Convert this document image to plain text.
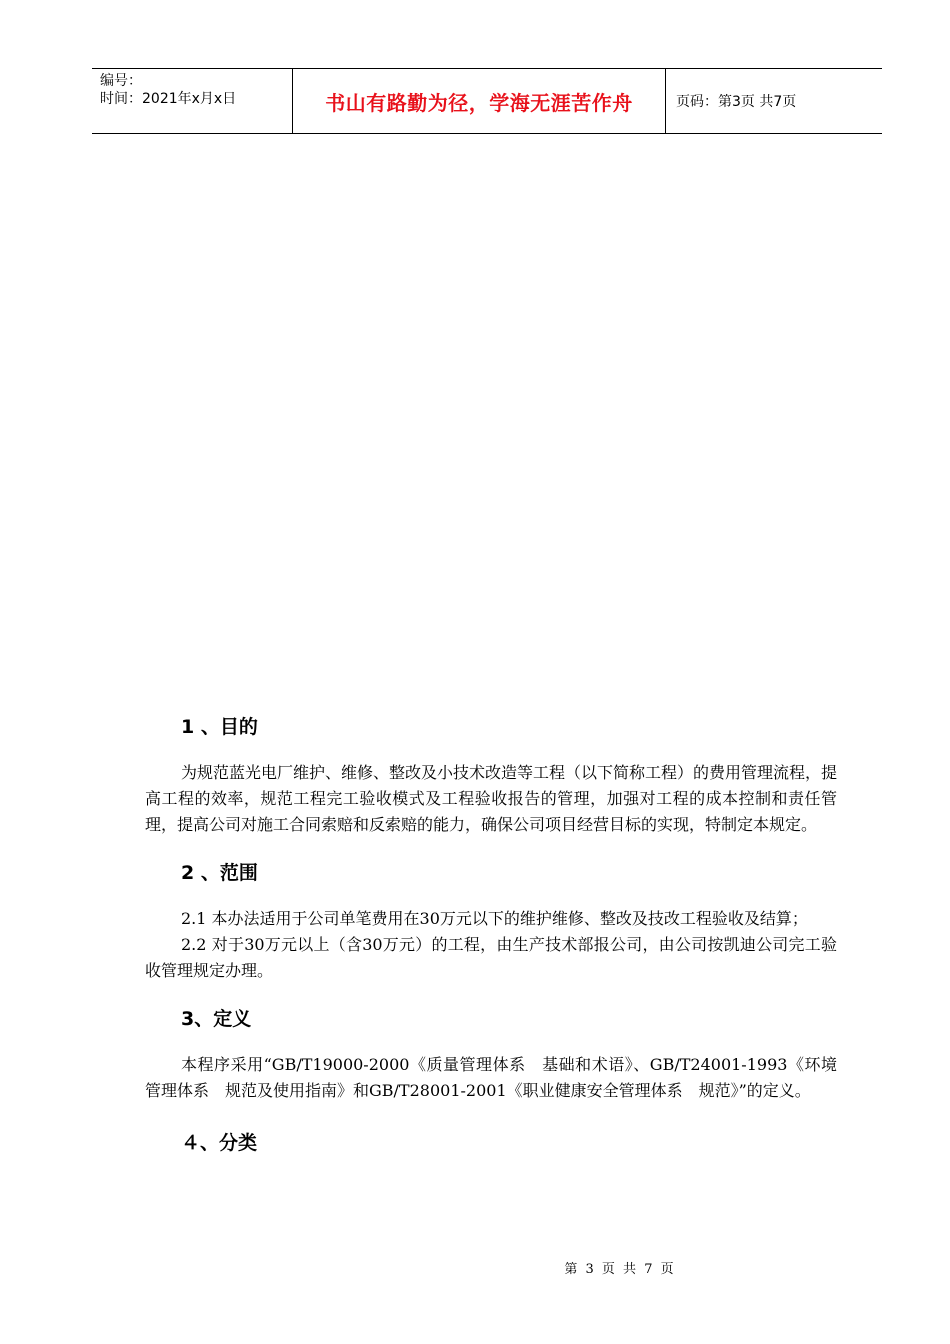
编号：
时间：2021年x月x日	书山有路勤为径，学海无涯苦作舟	页码：第3页 共7页
1 、目的

为规范蓝光电厂维护、维修、整改及小技术改造等工程（以下简称工程）的费用管理流程，提高工程的效率，规范工程完工验收模式及工程验收报告的管理，加强对工程的成本控制和责任管理，提高公司对施工合同索赔和反索赔的能力，确保公司项目经营目标的实现，特制定本规定。

2 、范围

2.1 本办法适用于公司单笔费用在30万元以下的维护维修、整改及技改工程验收及结算；

2.2 对于30万元以上（含30万元）的工程，由生产技术部报公司，由公司按凯迪公司完工验收管理规定办理。

3、定义

本程序采用“GB/T19000-2000《质量管理体系　基础和术语》、GB/T24001-1993《环境管理体系　规范及使用指南》和GB/T28001-2001《职业健康安全管理体系　规范》”的定义。

４、分类
第 3 页 共 7 页
